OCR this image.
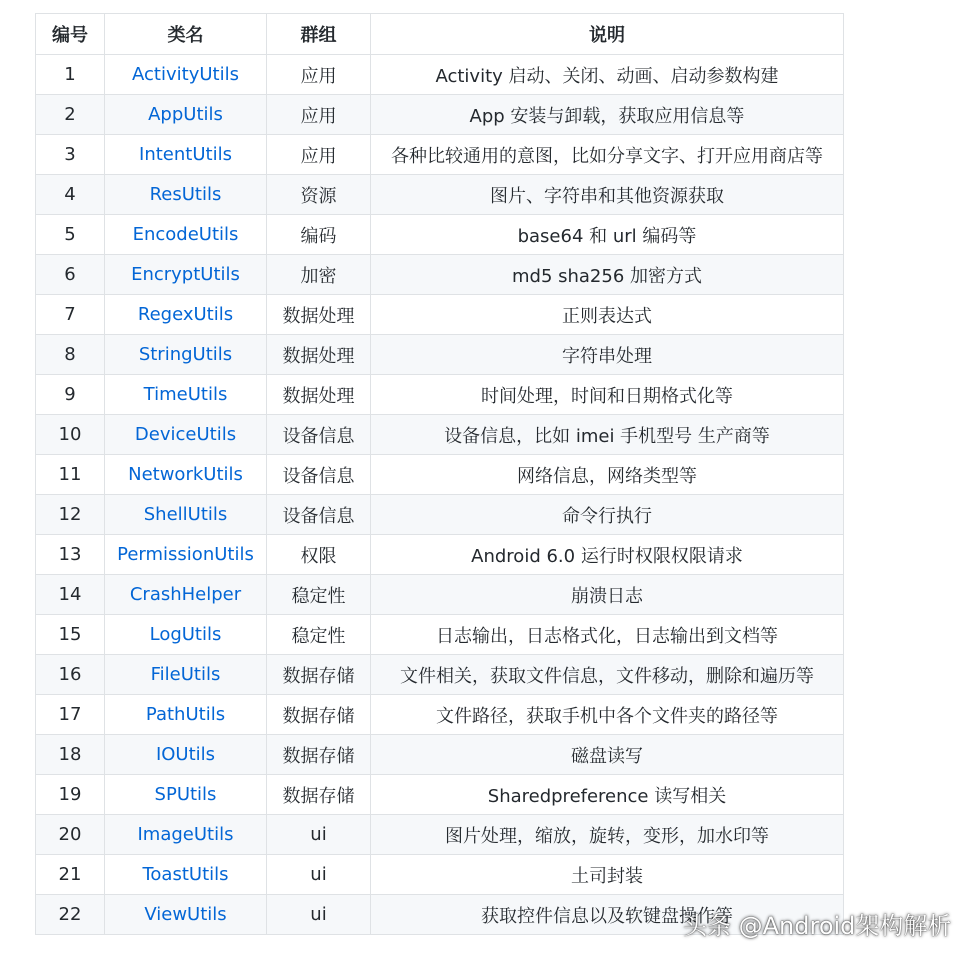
编号	类名	群组	说明
1	ActivityUtils	应用	Activity 启动、关闭、动画、启动参数构建
2	AppUtils	应用	App 安装与卸载，获取应用信息等
3	IntentUtils	应用	各种比较通用的意图，比如分享文字、打开应用商店等
4	ResUtils	资源	图片、字符串和其他资源获取
5	EncodeUtils	编码	base64 和 url 编码等
6	EncryptUtils	加密	md5 sha256 加密方式
7	RegexUtils	数据处理	正则表达式
8	StringUtils	数据处理	字符串处理
9	TimeUtils	数据处理	时间处理，时间和日期格式化等
10	DeviceUtils	设备信息	设备信息，比如 imei 手机型号 生产商等
11	NetworkUtils	设备信息	网络信息，网络类型等
12	ShellUtils	设备信息	命令行执行
13	PermissionUtils	权限	Android 6.0 运行时权限权限请求
14	CrashHelper	稳定性	崩溃日志
15	LogUtils	稳定性	日志输出，日志格式化，日志输出到文档等
16	FileUtils	数据存储	文件相关，获取文件信息，文件移动，删除和遍历等
17	PathUtils	数据存储	文件路径，获取手机中各个文件夹的路径等
18	IOUtils	数据存储	磁盘读写
19	SPUtils	数据存储	Sharedpreference 读写相关
20	ImageUtils	ui	图片处理，缩放，旋转，变形，加水印等
21	ToastUtils	ui	土司封装
22	ViewUtils	ui	获取控件信息以及软键盘操作等
头条 @Android架构解析
